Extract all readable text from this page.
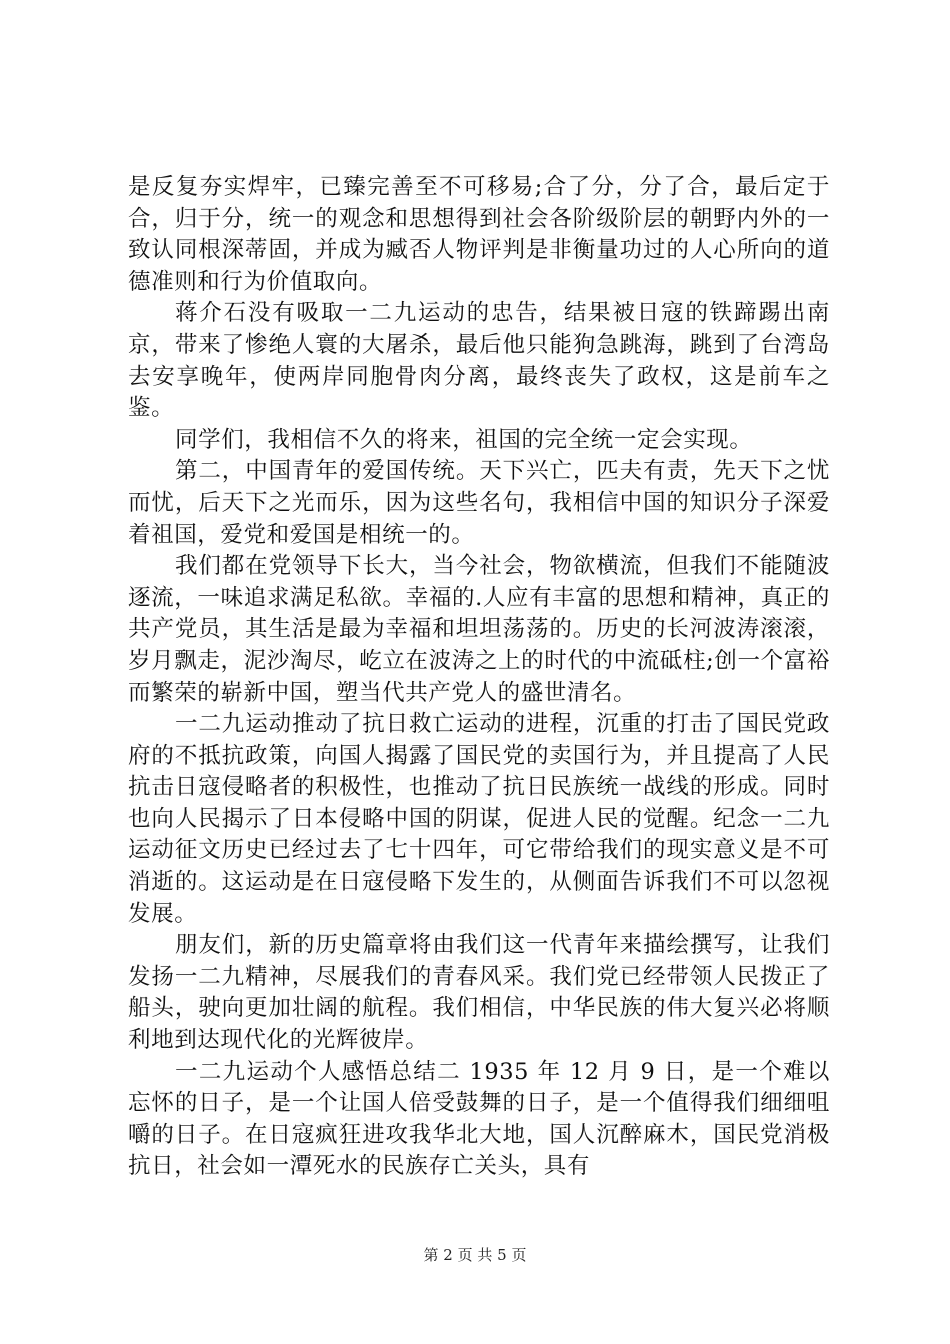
是反复夯实焊牢，已臻完善至不可移易;合了分，分了合，最后定于合，归于分，统一的观念和思想得到社会各阶级阶层的朝野内外的一致认同根深蒂固，并成为臧否人物评判是非衡量功过的人心所向的道德准则和行为价值取向。

蒋介石没有吸取一二九运动的忠告，结果被日寇的铁蹄踢出南京，带来了惨绝人寰的大屠杀，最后他只能狗急跳海，跳到了台湾岛去安享晚年，使两岸同胞骨肉分离，最终丧失了政权，这是前车之鉴。

同学们，我相信不久的将来，祖国的完全统一定会实现。

第二，中国青年的爱国传统。天下兴亡，匹夫有责，先天下之忧而忧，后天下之光而乐，因为这些名句，我相信中国的知识分子深爱着祖国，爱党和爱国是相统一的。

我们都在党领导下长大，当今社会，物欲横流，但我们不能随波逐流，一味追求满足私欲。幸福的.人应有丰富的思想和精神，真正的共产党员，其生活是最为幸福和坦坦荡荡的。历史的长河波涛滚滚，岁月飘走，泥沙淘尽，屹立在波涛之上的时代的中流砥柱;创一个富裕而繁荣的崭新中国，塑当代共产党人的盛世清名。

一二九运动推动了抗日救亡运动的进程，沉重的打击了国民党政府的不抵抗政策，向国人揭露了国民党的卖国行为，并且提高了人民抗击日寇侵略者的积极性，也推动了抗日民族统一战线的形成。同时也向人民揭示了日本侵略中国的阴谋，促进人民的觉醒。纪念一二九运动征文历史已经过去了七十四年，可它带给我们的现实意义是不可消逝的。这运动是在日寇侵略下发生的，从侧面告诉我们不可以忽视发展。

朋友们，新的历史篇章将由我们这一代青年来描绘撰写，让我们发扬一二九精神，尽展我们的青春风采。我们党已经带领人民拨正了船头，驶向更加壮阔的航程。我们相信，中华民族的伟大复兴必将顺利地到达现代化的光辉彼岸。

一二九运动个人感悟总结二 1935 年 12 月 9 日，是一个难以忘怀的日子，是一个让国人倍受鼓舞的日子，是一个值得我们细细咀嚼的日子。在日寇疯狂进攻我华北大地，国人沉醉麻木，国民党消极抗日，社会如一潭死水的民族存亡关头，具有

第 2 页 共 5 页
